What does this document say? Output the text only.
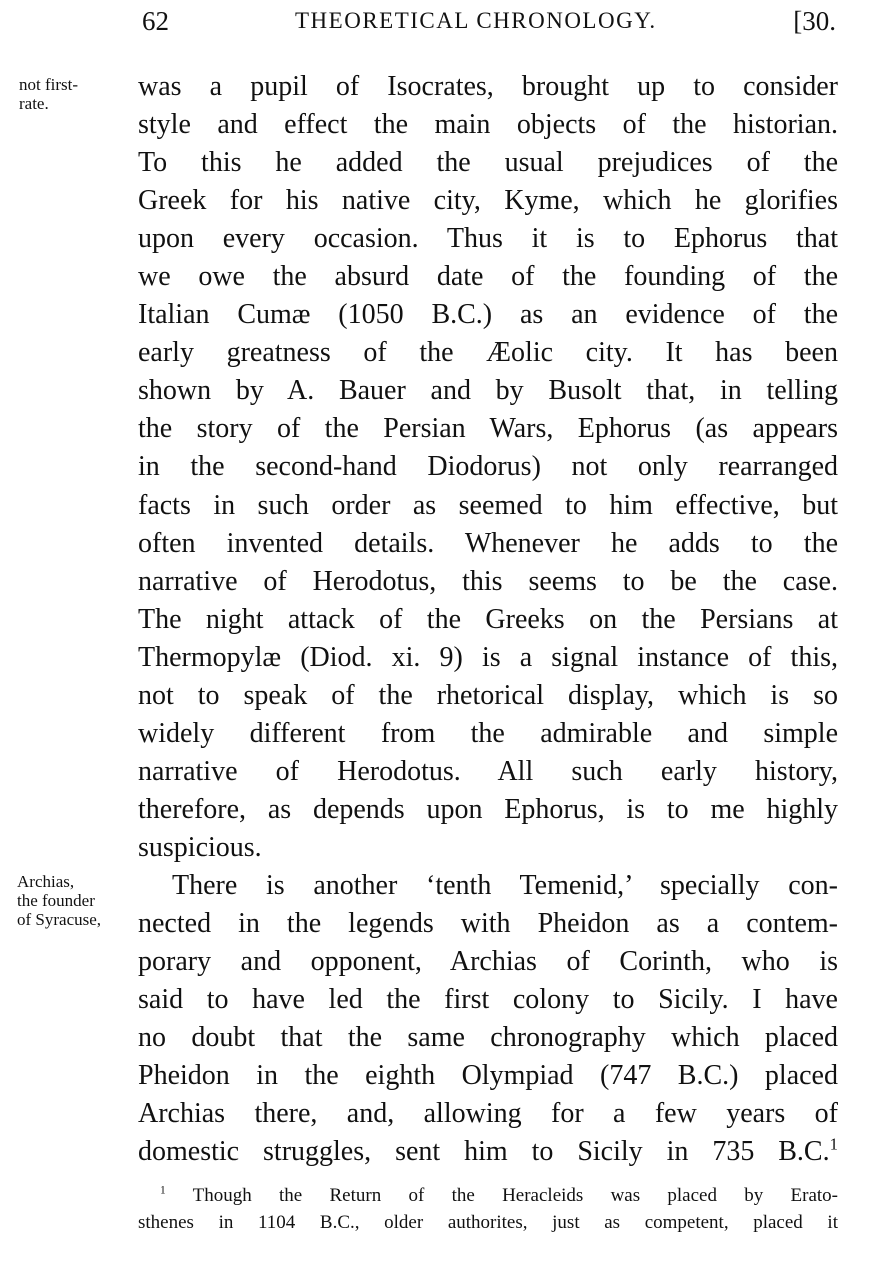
62	THEORETICAL CHRONOLOGY.	[30.
not first-
rate.
Archias,
the founder
of Syracuse,
was a pupil of Isocrates, brought up to consider
style and effect the main objects of the historian.
To this he added the usual prejudices of the
Greek for his native city, Kyme, which he glorifies
upon every occasion. Thus it is to Ephorus that
we owe the absurd date of the founding of the
Italian Cumæ (1050 B.C.) as an evidence of the
early greatness of the Æolic city. It has been
shown by A. Bauer and by Busolt that, in telling
the story of the Persian Wars, Ephorus (as appears
in the second-hand Diodorus) not only rearranged
facts in such order as seemed to him effective, but
often invented details. Whenever he adds to the
narrative of Herodotus, this seems to be the case.
The night attack of the Greeks on the Persians at
Thermopylæ (Diod. xi. 9) is a signal instance of this,
not to speak of the rhetorical display, which is so
widely different from the admirable and simple
narrative of Herodotus. All such early history,
therefore, as depends upon Ephorus, is to me highly
suspicious.
There is another ‘tenth Temenid,’ specially con-
nected in the legends with Pheidon as a contem-
porary and opponent, Archias of Corinth, who is
said to have led the first colony to Sicily. I have
no doubt that the same chronography which placed
Pheidon in the eighth Olympiad (747 B.C.) placed
Archias there, and, allowing for a few years of
domestic struggles, sent him to Sicily in 735 B.C.$^1$
$^1$ Though the Return of the Heracleids was placed by Erato-
sthenes in 1104 B.C., older authorites, just as competent, placed it
